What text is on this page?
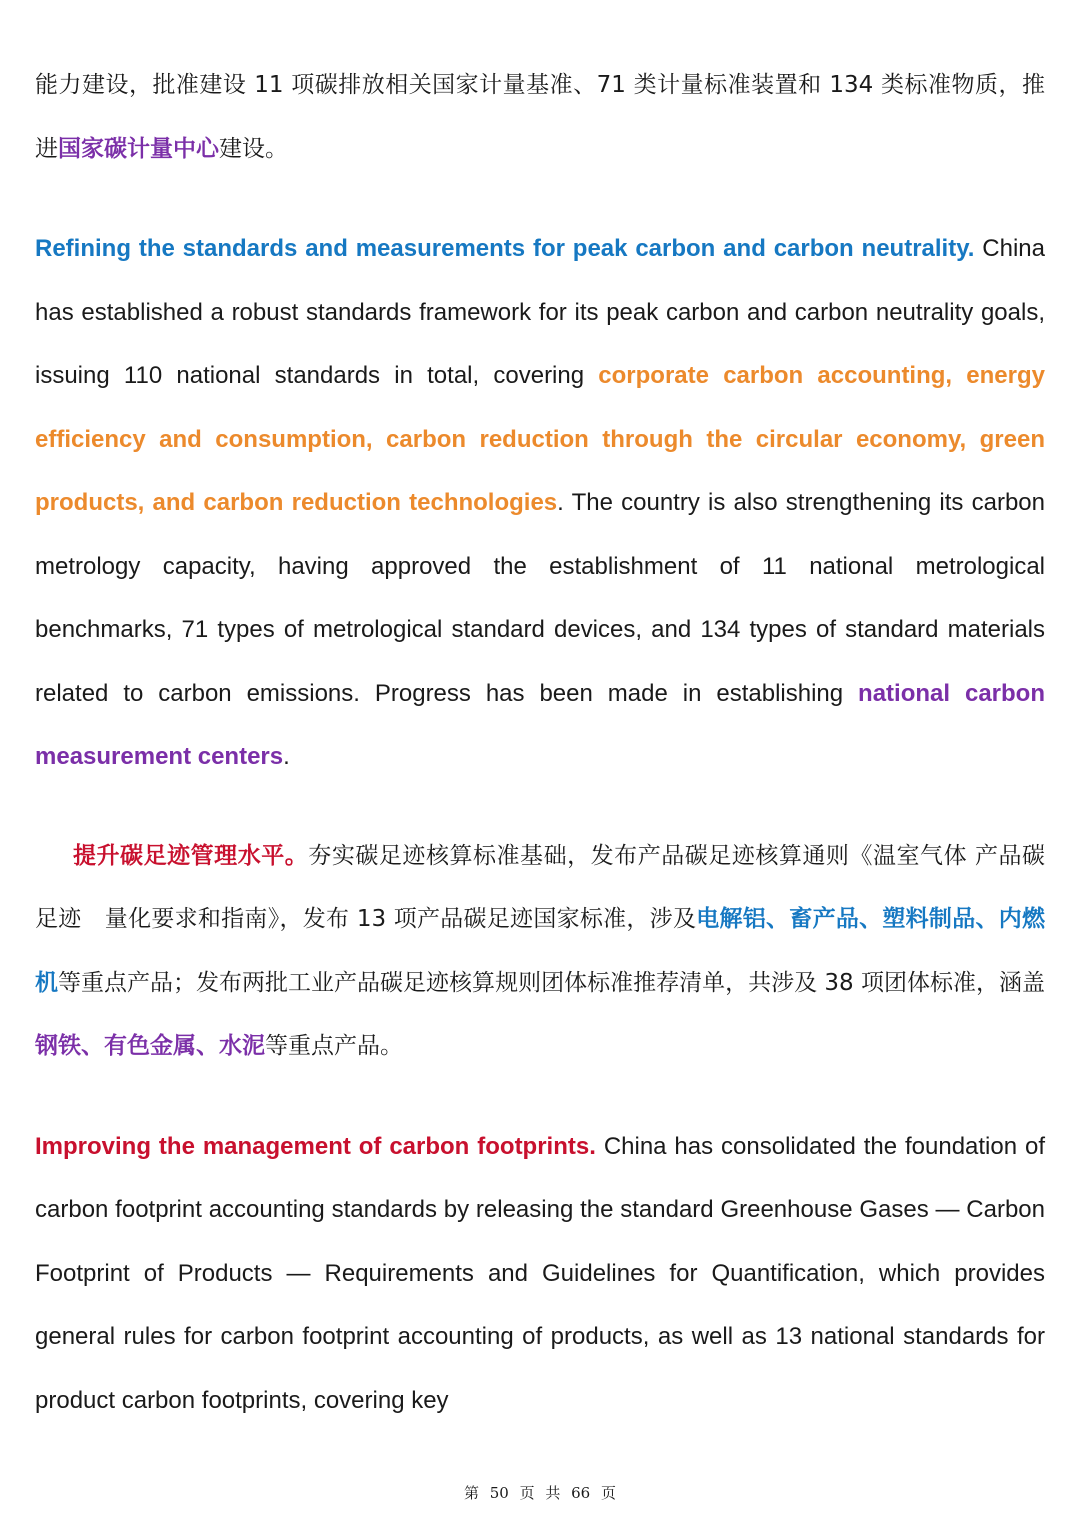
能力建设，批准建设 11 项碳排放相关国家计量基准、71 类计量标准装置和 134 类标准物质，推进国家碳计量中心建设。

Refining the standards and measurements for peak carbon and carbon neutrality. China has established a robust standards framework for its peak carbon and carbon neutrality goals, issuing 110 national standards in total, covering corporate carbon accounting, energy efficiency and consumption, carbon reduction through the circular economy, green products, and carbon reduction technologies. The country is also strengthening its carbon metrology capacity, having approved the establishment of 11 national metrological benchmarks, 71 types of metrological standard devices, and 134 types of standard materials related to carbon emissions. Progress has been made in establishing national carbon measurement centers.

提升碳足迹管理水平。夯实碳足迹核算标准基础，发布产品碳足迹核算通则《温室气体 产品碳足迹　量化要求和指南》，发布 13 项产品碳足迹国家标准，涉及电解铝、畜产品、塑料制品、内燃机等重点产品；发布两批工业产品碳足迹核算规则团体标准推荐清单，共涉及 38 项团体标准，涵盖钢铁、有色金属、水泥等重点产品。

Improving the management of carbon footprints. China has consolidated the foundation of carbon footprint accounting standards by releasing the standard Greenhouse Gases — Carbon Footprint of Products — Requirements and Guidelines for Quantification, which provides general rules for carbon footprint accounting of products, as well as 13 national standards for product carbon footprints, covering key

第 50 页 共 66 页
